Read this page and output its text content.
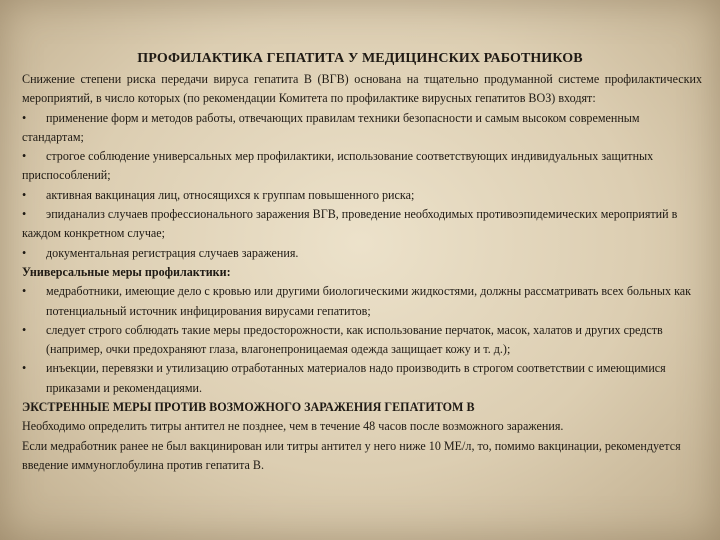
ПРОФИЛАКТИКА ГЕПАТИТА У МЕДИЦИНСКИХ РАБОТНИКОВ

Снижение степени риска передачи вируса гепатита В (ВГВ) основана на тщательно продуманной системе профилактических мероприятий, в число которых (по рекомендации Комитета по профилактике вирусных гепатитов ВОЗ) входят:

• применение форм и методов работы, отвечающих правилам техники безопасности и самым высоком современным стандартам;
• строгое соблюдение универсальных мер профилактики, использование соответствующих индивидуальных защитных приспособлений;
• активная вакцинация лиц, относящихся к группам повышенного риска;
• эпиданализ случаев профессионального заражения ВГВ, проведение необходимых противоэпидемических мероприятий в каждом конкретном случае;
• документальная регистрация случаев заражения.

Универсальные меры профилактики:

•	медработники, имеющие дело с кровью или другими биологическими жидкостями, должны рассматривать всех больных как потенциальный источник инфицирования вирусами гепатитов;
•	следует строго соблюдать такие меры предосторожности, как использование перчаток, масок, халатов и других средств (например, очки предохраняют глаза, влагонепроницаемая одежда защищает кожу и т. д.);
•	инъекции, перевязки и утилизацию отработанных материалов надо производить в строгом соответствии с имеющимися приказами и рекомендациями.

ЭКСТРЕННЫЕ МЕРЫ ПРОТИВ ВОЗМОЖНОГО ЗАРАЖЕНИЯ ГЕПАТИТОМ В

Необходимо определить титры антител не позднее, чем в течение 48 часов после возможного заражения.

Если медработник ранее не был вакцинирован или титры антител у него ниже 10 МЕ/л, то, помимо вакцинации, рекомендуется введение иммуноглобулина против гепатита В.
